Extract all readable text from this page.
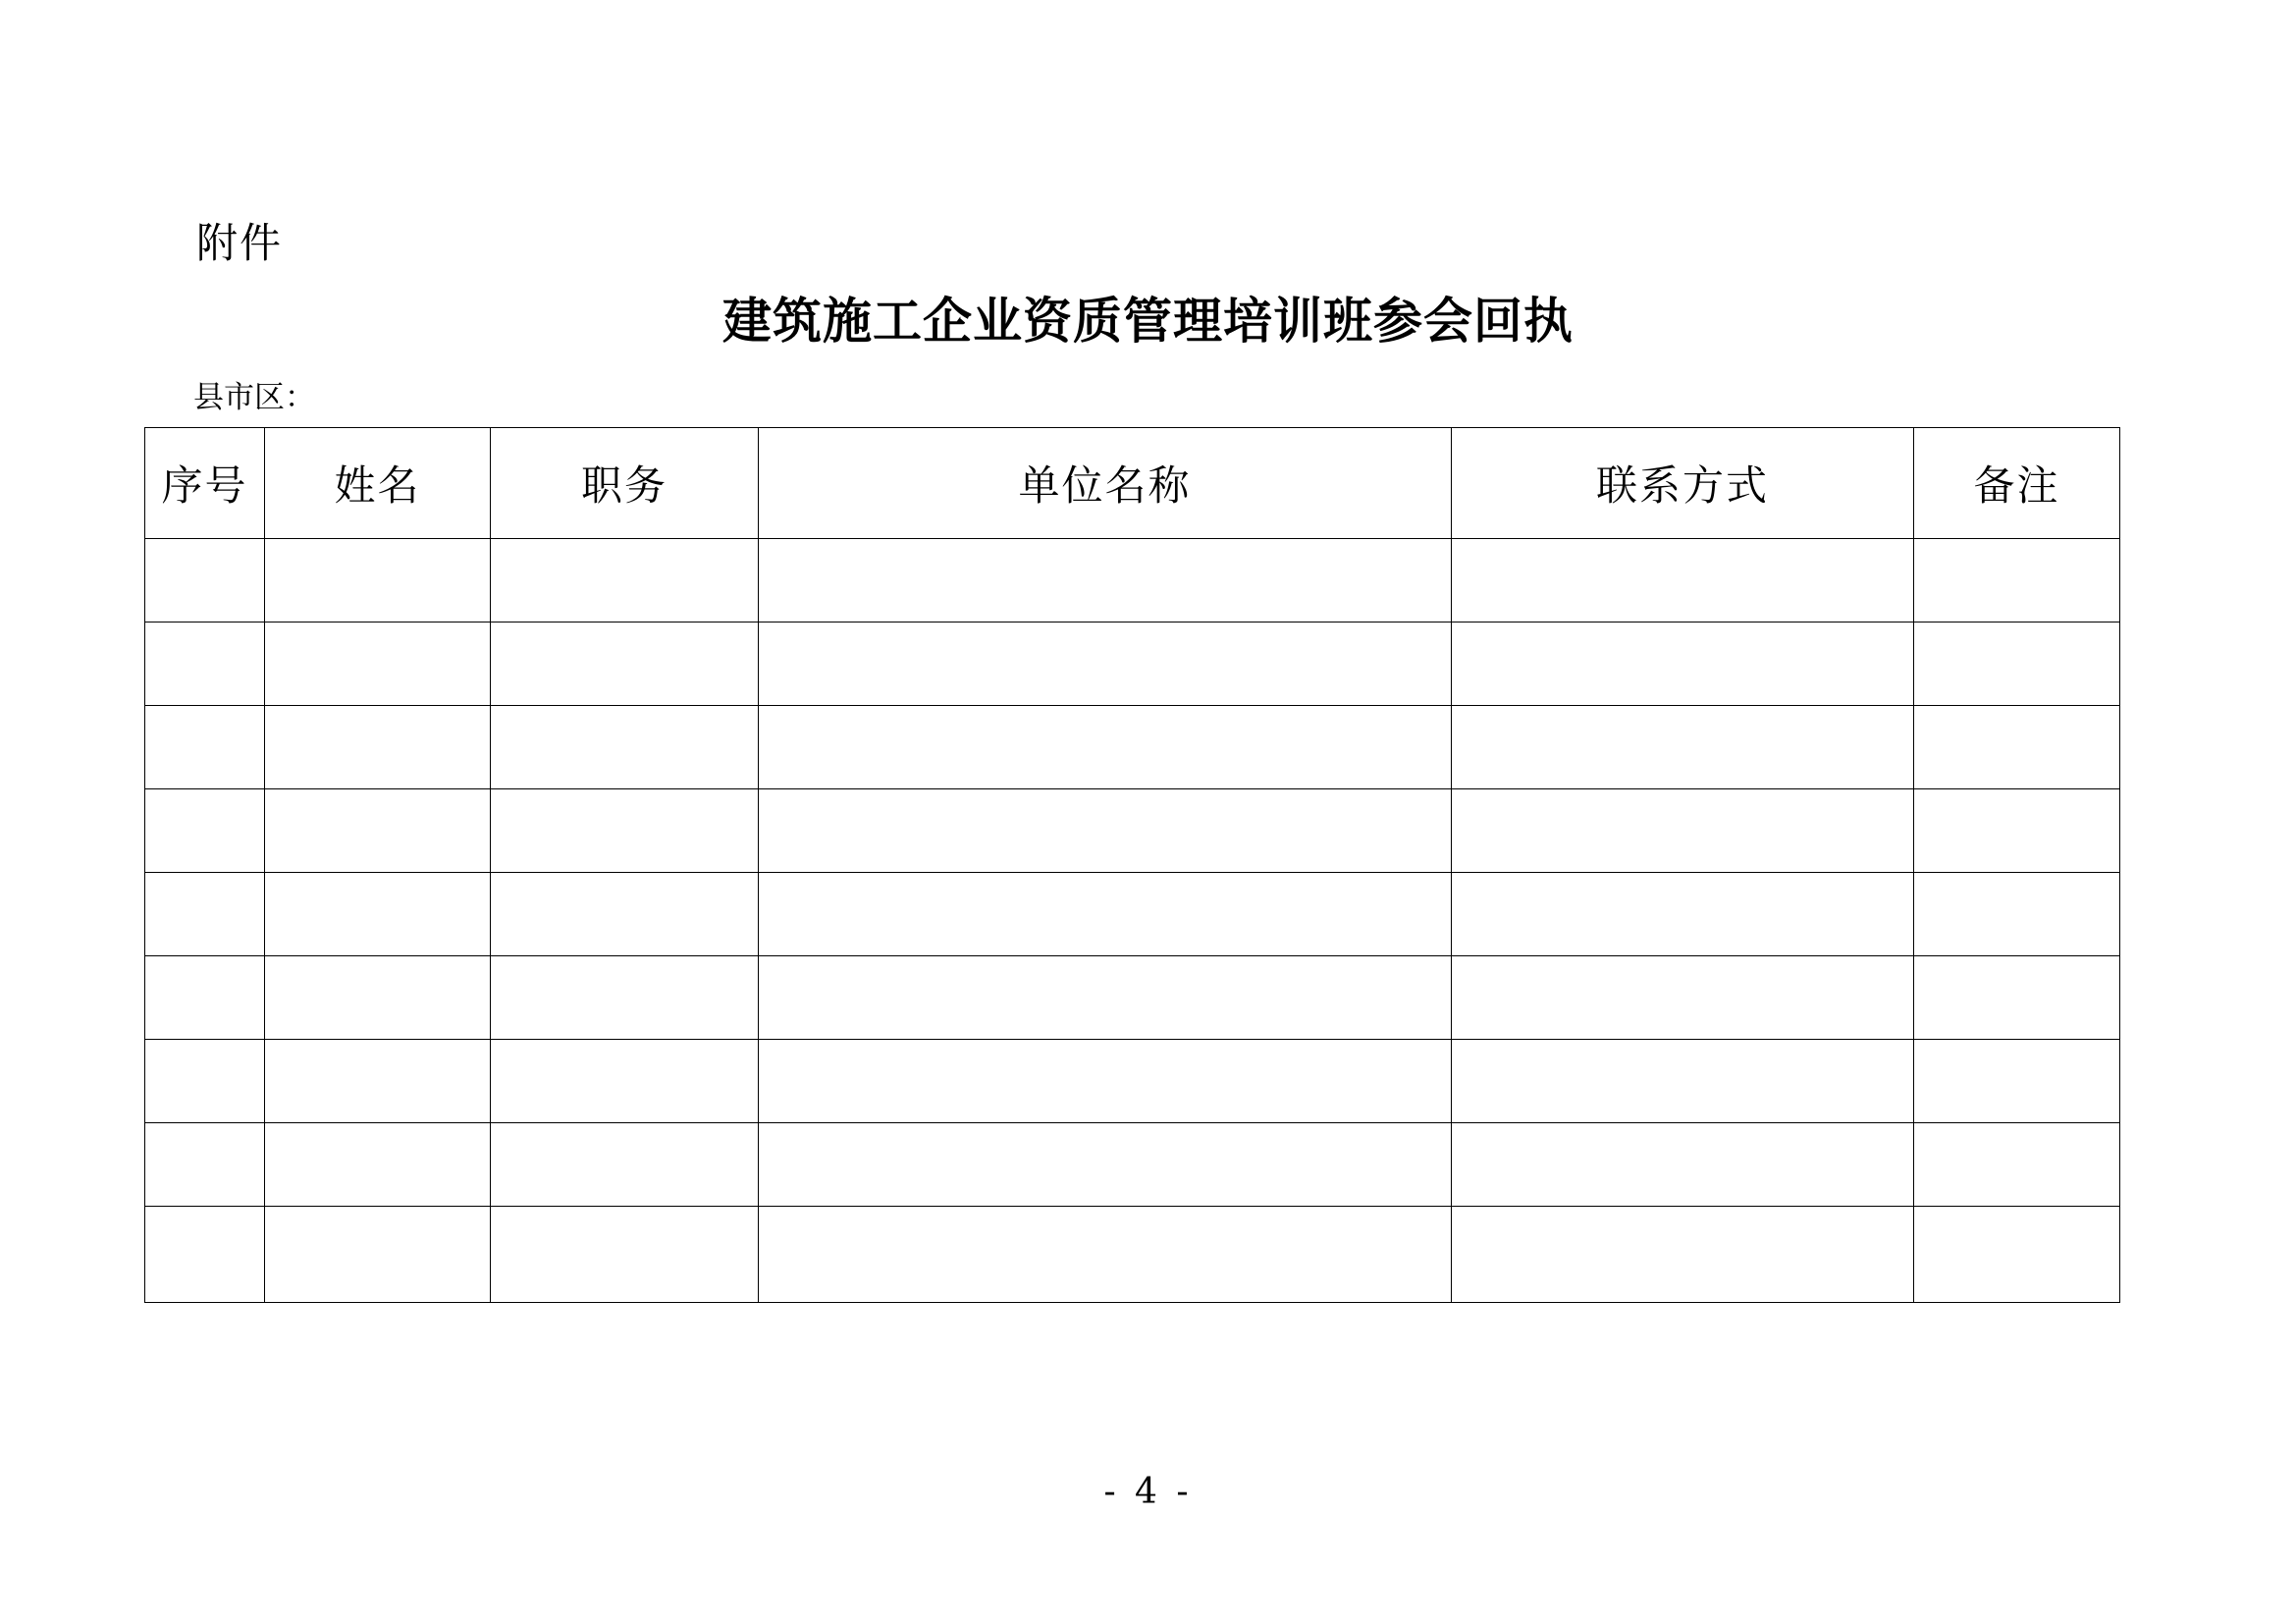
附件
建筑施工企业资质管理培训班参会回执
县市区：
序号	姓名	职务	单位名称	联系方式	备注

- 4 -
